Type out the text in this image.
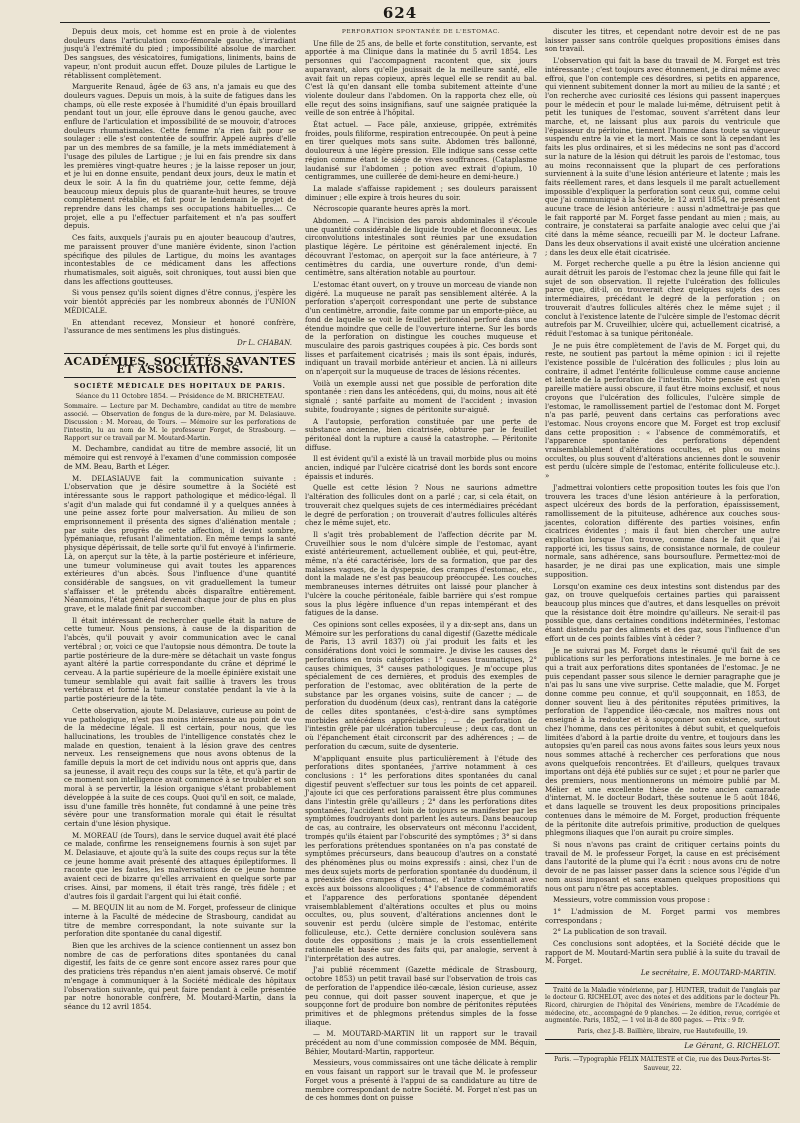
624

Depuis deux mois, cet homme est en proie à de violentes douleurs dans l'articulation coxo-fémorale gauche, s'irradiant jusqu'à l'extrémité du pied ; impossibilité absolue de marcher. Des sangsues, des vésicatoires, fumigations, liniments, bains de vapeur, n'ont produit aucun effet. Douze pilules de Lartigue le rétablissent complètement.

Marguerite Renaud, âgée de 63 ans, n'a jamais eu que des douleurs vagues. Depuis un mois, à la suite de fatigues dans les champs, où elle reste exposée à l'humidité d'un épais brouillard pendant tout un jour, elle éprouve dans le genou gauche, avec enflure de l'articulation et impossibilité de se mouvoir, d'atroces douleurs rhumatismales. Cette femme n'a rien fait pour se soulager : elle s'est contentée de souffrir. Appelé auprès d'elle par un des membres de sa famille, je la mets immédiatement à l'usage des pilules de Lartigue ; je lui en fais prendre six dans les premières vingt-quatre heures ; je la laisse reposer un jour, et je lui en donne ensuite, pendant deux jours, deux le matin et deux le soir. A la fin du quatrième jour, cette femme, déjà beaucoup mieux depuis plus de quarante-huit heures, se trouve complètement rétablie, et fait pour le lendemain le projet de reprendre dans les champs ses occupations habituelles.... Ce projet, elle a pu l'effectuer parfaitement et n'a pas souffert depuis.

Ces faits, auxquels j'aurais pu en ajouter beaucoup d'autres, me paraissent prouver d'une manière évidente, sinon l'action spécifique des pilules de Lartigue, du moins les avantages incontestables de ce médicament dans les affections rhumatismales, soit aiguës, soit chroniques, tout aussi bien que dans les affections goutteuses.

Si vous pensez qu'ils soient dignes d'être connus, j'espère les voir bientôt appréciés par les nombreux abonnés de l'UNION MÉDICALE.

En attendant recevez, Monsieur et honoré confrère, l'assurance de mes sentimens les plus distingués.

Dr L. CHABAN.

ACADÉMIES, SOCIÉTÉS SAVANTES ET ASSOCIATIONS.

SOCIÉTÉ MÉDICALE DES HOPITAUX DE PARIS.

Séance du 11 Octobre 1854. — Présidence de M. BRICHETEAU.

Sommaire. — Lecture par M. Dechambre, candidat au titre de membre associé. — Observation de fongus de la dure-mère, par M. Delasiauve. Discussion : M. Moreau, de Tours. — Mémoire sur les perforations de l'intestin, lu au nom de M. le professeur Forget, de Strasbourg. — Rapport sur ce travail par M. Moutard-Martin.

M. Dechambre, candidat au titre de membre associé, lit un mémoire qui est renvoyé à l'examen d'une commission composée de MM. Beau, Barth et Léger.

M. DELASIAUVE fait la communication suivante : L'observation que je désire soumettre à la Société est intéressante sous le rapport pathologique et médico-légal. Il s'agit d'un malade qui fut condamné il y a quelques années à une peine assez forte pour malversation. Au milieu de son emprisonnement il présenta des signes d'aliénation mentale ; par suite des progrès de cette affection, il devint sombre, lypémaniaque, refusant l'alimentation. En même temps la santé physique dépérissait, de telle sorte qu'il fut envoyé à l'infirmerie. Là, on aperçut sur la tête, à la partie postérieure et inférieure, une tumeur volumineuse qui avait toutes les apparences extérieures d'un abcès. Sous l'influence d'une quantité considérable de sangsues, on vit graduellement la tumeur s'affaisser et le prétendu abcès disparaître entièrement. Néanmoins, l'état général devenait chaque jour de plus en plus grave, et le malade finit par succomber.

Il était intéressant de rechercher quelle était la nature de cette tumeur. Nous pensions, à cause de la disparition de l'abcès, qu'il pouvait y avoir communication avec le canal vertébral ; or, voici ce que l'autopsie nous démontra. De toute la partie postérieure de la dure-mère se détachait un vaste fongus ayant altéré la partie correspondante du crâne et déprimé le cerveau. A la partie supérieure de la moelle épinière existait une tumeur semblable qui avait fait saillie à travers les trous vertébraux et formé la tumeur constatée pendant la vie à la partie postérieure de la tête.

Cette observation, ajoute M. Delasiauve, curieuse au point de vue pathologique, n'est pas moins intéressante au point de vue de la médecine légale. Il est certain, pour nous, que les hallucinations, les troubles de l'intelligence constatés chez le malade en question, tenaient à la lésion grave des centres nerveux. Les renseignemens que nous avons obtenus de la famille depuis la mort de cet individu nous ont appris que, dans sa jeunesse, il avait reçu des coups sur la tête, et qu'à partir de ce moment son intelligence avait commencé à se troubler et son moral à se pervertir, la lésion organique s'étant probablement développée à la suite de ces coups. Quoi qu'il en soit, ce malade, issu d'une famille très honnête, fut condamné à une peine très sévère pour une transformation morale qui était le résultat certain d'une lésion physique.

M. MOREAU (de Tours), dans le service duquel avait été placé ce malade, confirme les renseignemens fournis à son sujet par M. Delasiauve, et ajoute qu'à la suite des coups reçus sur la tête ce jeune homme avait présenté des attaques épileptiformes. Il raconte que les fautes, les malversations de ce jeune homme avaient ceci de bizarre qu'elles arrivaient en quelque sorte par crises. Ainsi, par momens, il était très rangé, très fidèle ; et d'autres fois il gardait l'argent qui lui était confié.

— M. BEQUIN lit au nom de M. Forget, professeur de clinique interne à la Faculté de médecine de Strasbourg, candidat au titre de membre correspondant, la note suivante sur la perforation dite spontanée du canal digestif.

Bien que les archives de la science contiennent un assez bon nombre de cas de perforations dites spontanées du canal digestif, les faits de ce genre sont encore assez rares pour que des praticiens très répandus n'en aient jamais observé. Ce motif m'engage à communiquer à la Société médicale des hôpitaux l'observation suivante, qui peut faire pendant à celle présentée par notre honorable confrère, M. Moutard-Martin, dans la séance du 12 avril 1854.

PERFORATION SPONTANÉE DE L'ESTOMAC.

Une fille de 25 ans, de belle et forte constitution, servante, est apportée à ma Clinique dans la matinée du 5 avril 1854. Les personnes qui l'accompagnent racontent que, six jours auparavant, alors qu'elle jouissait de la meilleure santé, elle avait fait un repas copieux, après lequel elle se rendit au bal. C'est là qu'en dansant elle tomba subitement atteinte d'une violente douleur dans l'abdomen. On la rapporta chez elle, où elle reçut des soins insignifians, sauf une saignée pratiquée la veille de son entrée à l'hôpital.

État actuel. — Face pâle, anxieuse, grippée, extrémités froides, pouls filiforme, respiration entrecoupée. On peut à peine en tirer quelques mots sans suite. Abdomen très ballonné, douloureux à une légère pression. Elle indique sans cesse cette région comme étant le siége de vives souffrances. (Cataplasme laudanisé sur l'abdomen ; potion avec extrait d'opium, 10 centigrammes, une cuillerée de demi-heure en demi-heure.)

La malade s'affaisse rapidement ; ses douleurs paraissent diminuer ; elle expire à trois heures du soir.

Nécroscopie quarante heures après la mort.

Abdomen. — A l'incision des parois abdominales il s'écoule une quantité considérable de liquide trouble et floconneux. Les circonvolutions intestinales sont réunies par une exsudation plastique légère. Le péritoine est généralement injecté. En découvrant l'estomac, on aperçoit sur la face antérieure, à 7 centimètres du cardia, une ouverture ronde, d'un demi-centimètre, sans altération notable au pourtour.

L'estomac étant ouvert, on y trouve un morceau de viande non digéré. La muqueuse ne paraît pas sensiblement altérée. A la perforation s'aperçoit correspondant une perte de substance d'un centimètre, arrondie, faite comme par un emporte-pièce, au fond de laquelle se voit le feuillet péritonéal perforé dans une étendue moindre que celle de l'ouverture interne. Sur les bords de la perforation on distingue les couches muqueuse et musculaire des parois gastriques coupées à pic. Ces bords sont lisses et parfaitement cicatrisés ; mais ils sont épais, indurés, indiquant un travail morbide antérieur et ancien. Là ni ailleurs on n'aperçoit sur la muqueuse de traces de lésions récentes.

Voilà un exemple aussi net que possible de perforation dite spontanée : rien dans les antécédens, qui, du moins, nous ait été signalé ; santé parfaite au moment de l'accident ; invasion subite, foudroyante ; signes de péritonite sur-aiguë.

A l'autopsie, perforation constituée par une perte de substance ancienne, bien cicatrisée, obturée par le feuillet péritonéal dont la rupture a causé la catastrophe. — Péritonite diffuse.

Il est évident qu'il a existé là un travail morbide plus ou moins ancien, indiqué par l'ulcère cicatrisé dont les bords sont encore épaissis et indurés.

Quelle est cette lésion ? Nous ne saurions admettre l'altération des follicules dont on a parlé ; car, si cela était, on trouverait chez quelques sujets de ces intermédiaires précédant le degré de perforation ; on trouverait d'autres follicules altérés chez le même sujet, etc.

Il s'agit très probablement de l'affection décrite par M. Cruveilhier sous le nom d'ulcère simple de l'estomac, ayant existé antérieurement, actuellement oubliée, et qui, peut-être, même, n'a été caractérisée, lors de sa formation, que par des malaises vagues, de la dyspepsie, des crampes d'estomac, etc., dont la malade ne s'est pas beaucoup préoccupée. Les couches membraneuses internes détruites ont laissé pour plancher à l'ulcère la couche péritonéale, faible barrière qui s'est rompue sous la plus légère influence d'un repas intempérant et des fatigues de la danse.

Ces opinions sont celles exposées, il y a dix-sept ans, dans un Mémoire sur les perforations du canal digestif (Gazette médicale de Paris, 13 avril 1837) où j'ai produit les faits et les considérations dont voici le sommaire. Je divise les causes des perforations en trois catégories : 1° causes traumatiques, 2° causes chimiques, 3° causes pathologiques. Je m'occupe plus spécialement de ces dernières, et produis des exemples de perforation de l'estomac, avec oblitération de la perte de substance par les organes voisins, suite de cancer ; — de perforation du duodénum (deux cas), rentrant dans la catégorie de celles dites spontanées, c'est-à-dire sans symptômes morbides antécédens appréciables ; — de perforation de l'intestin grêle par ulcération tuberculeuse ; deux cas, dont un où l'épanchement était circonscrit par des adhérences ; — de perforation du cæcum, suite de dysenterie.

M'appliquant ensuite plus particulièrement à l'étude des perforations dites spontanées, j'arrive notamment à ces conclusions : 1° les perforations dites spontanées du canal digestif peuvent s'effectuer sur tous les points de cet appareil. J'ajoute ici que ces perforations paraissent être plus communes dans l'intestin grêle qu'ailleurs ; 2° dans les perforations dites spontanées, l'accident est loin de toujours se manifester par les symptômes foudroyants dont parlent les auteurs. Dans beaucoup de cas, au contraire, les observateurs ont méconnu l'accident, trompés qu'ils étaient par l'obscurité des symptômes ; 3° si dans les perforations prétendues spontanées on n'a pas constaté de symptômes précurseurs, dans beaucoup d'autres on a constaté des phénomènes plus ou moins expressifs : ainsi, chez l'un de mes deux sujets morts de perforation spontanée du duodénum, il a préexisté des crampes d'estomac, et l'autre s'adonnait avec excès aux boissons alcooliques ; 4° l'absence de commémoratifs et l'apparence des perforations spontanée dépendent vraisemblablement d'altérations occultes et plus ou moins occultes, ou, plus souvent, d'altérations anciennes dont le souvenir est perdu (ulcère simple de l'estomac, entérite folliculeuse, etc.). Cette dernière conclusion soulèvera sans doute des oppositions ; mais je la crois essentiellement rationnelle et basée sur des faits qui, par analogie, servent à l'interprétation des autres.

J'ai publié récemment (Gazette médicale de Strasbourg, octobre 1853) un petit travail basé sur l'observation de trois cas de perforation de l'appendice iléo-cæcale, lésion curieuse, assez peu connue, qui doit passer souvent inaperçue, et que je soupçonne fort de produire bon nombre de péritonites réputées primitives et de phlegmons prétendus simples de la fosse iliaque.

— M. MOUTARD-MARTIN lit un rapport sur le travail précédent au nom d'une commission composée de MM. Béquin, Béhier, Moutard-Martin, rapporteur.

Messieurs, vous commissaires ont une tâche délicate à remplir en vous faisant un rapport sur le travail que M. le professeur Forget vous a présenté à l'appui de sa candidature au titre de membre correspondant de notre Société. M. Forget n'est pas un de ces hommes dont on puisse

discuter les titres, et cependant notre devoir est de ne pas laisser passer sans contrôle quelques propositions émises dans son travail.

L'observation qui fait la base du travail de M. Forget est très intéressante ; c'est toujours avec étonnement, je dirai même avec effroi, que l'on contemple ces désordres, si petits en apparence, qui viennent subitement donner la mort au milieu de la santé ; et l'on recherche avec curiosité ces lésions qui passent inaperçues pour le médecin et pour le malade lui-même, détruisent petit à petit les tuniques de l'estomac, souvent s'arrêtent dans leur marche, et, ne laissant plus aux parois du ventricule que l'épaisseur du péritoine, tiennent l'homme dans toute sa vigueur suspendu entre la vie et la mort. Mais ce sont là cependant les faits les plus ordinaires, et si les médecins ne sont pas d'accord sur la nature de la lésion qui détruit les parois de l'estomac, tous au moins reconnaissent que la plupart de ces perforations surviennent à la suite d'une lésion antérieure et latente ; mais les faits réellement rares, et dans lesquels il me paraît actuellement impossible d'expliquer la perforation sont ceux qui, comme celui que j'ai communiqué à la Société, le 12 avril 1854, ne présentent aucune trace de lésion antérieure : aussi n'admettrai-je pas que le fait rapporté par M. Forget fasse pendant au mien ; mais, au contraire, je constaterai sa parfaite analogie avec celui que j'ai cité dans la même séance, recueilli par M. le docteur Lafrane. Dans les deux observations il avait existé une ulcération ancienne ; dans les deux elle était cicatrisée.

M. Forget recherche quelle a pu être la lésion ancienne qui aurait détruit les parois de l'estomac chez la jeune fille qui fait le sujet de son observation. Il rejette l'ulcération des follicules parce que, dit-il, on trouverait chez quelques sujets des ces intermédiaires, précédant le degré de la perforation ; on trouverait d'autres follicules altérés chez le même sujet ; il conclut à l'existence latente de l'ulcère simple de l'estomac décrit autrefois par M. Cruveilhier, ulcère qui, actuellement cicatrisé, a réduit l'estomac à sa tunique péritonéale.

Je ne puis être complètement de l'avis de M. Forget qui, du reste, ne soutient pas partout la même opinion : ici il rejette l'existence possible de l'ulcération des follicules ; plus loin au contraire, il admet l'entérite folliculeuse comme cause ancienne et latente de la perforation de l'intestin. Notre pensée est qu'en pareille matière aussi obscure, il faut être moins exclusif, et nous croyons que l'ulcération des follicules, l'ulcère simple de l'estomac, le ramollissement partiel de l'estomac dont M. Forget n'a pas parlé, peuvent dans certains cas perforations avec l'estomac. Nous croyons encore que M. Forget est trop exclusif dans cette proposition : « l'absence de commémoratifs, et l'apparence spontanée des perforations dépendent vraisemblablement d'altérations occultes, et plus ou moins occultes, ou plus souvent d'altérations anciennes dont le souvenir est perdu (ulcère simple de l'estomac, entérite folliculeuse etc.). »

J'admettrai volontiers cette proposition toutes les fois que l'on trouvera les traces d'une lésion antérieure à la perforation, aspect ulcéreux des bords de la perforation, épaississement, ramollissement de la pituiteuse, adhérence aux couches sous-jacentes, coloration différente des parties voisines, enfin cicatrices évidentes ; mais il faut bien chercher une autre explication lorsque l'on trouve, comme dans le fait que j'ai rapporté ici, les tissus sains, de consistance normale, de couleur normale, sans adhérence, sans boursouflure. Permettez-moi de hasarder, je ne dirai pas une explication, mais une simple supposition.

Lorsqu'on examine ces deux intestins sont distendus par des gaz, on trouve quelquefois certaines parties qui paraissent beaucoup plus minces que d'autres, et dans lesquelles on prévoit que la résistance doit être moindre qu'ailleurs. Ne serait-il pas possible que, dans certaines conditions indéterminées, l'estomac étant distendu par des aliments et des gaz, sous l'influence d'un effort un de ces points faibles vînt à céder ?

Je ne suivrai pas M. Forget dans le résumé qu'il fait de ses publications sur les perforations intestinales. Je me borne à ce qui a trait aux perforations dites spontanées de l'estomac. Je ne puis cependant passer sous silence le dernier paragraphe que je n'ai pas lu sans une vive surprise. Cette maladie, que M. Forget donne comme peu connue, et qu'il soupçonnait, en 1853, de donner souvent lieu à des péritonites réputées primitives, la perforation de l'appendice iléo-cæcale, nos maîtres nous ont enseigné à la redouter et à soupçonner son existence, surtout chez l'homme, dans ces péritonites à début subit, et quelquefois limitées d'abord à la partie droite du ventre, et toujours dans les autopsies qu'en pareil cas nous avons faites sous leurs yeux nous nous sommes attaché à rechercher ces perforations que nous avons quelquefois rencontrées. Et d'ailleurs, quelques travaux importans ont déjà été publiés sur ce sujet ; et pour ne parler que des premiers, nous mentionnerons un mémoire publié par M. Mélier et une excellente thèse de notre ancien camarade d'internat, M. le docteur Bodart, thèse soutenue le 5 août 1846, et dans laquelle se trouvent les deux propositions principales contenues dans le mémoire de M. Forget, production fréquente de la péritonite dite autrefois primitive, production de quelques phlegmons iliaques que l'on aurait pu croire simples.

Si nous n'avons pas craint de critiquer certains points du travail de M. le professeur Forget, la cause en est précisément dans l'autorité de la plume qui l'a écrit : nous avons cru de notre devoir de ne pas laisser passer dans la science sous l'égide d'un nom aussi imposant et sans examen quelques propositions qui nous ont paru n'être pas acceptables.

Messieurs, votre commission vous propose :

1° L'admission de M. Forget parmi vos membres correspondans ;

2° La publication de son travail.

Ces conclusions sont adoptées, et la Société décide que le rapport de M. Moutard-Martin sera publié à la suite du travail de M. Forget.

Le secrétaire, E. MOUTARD-MARTIN.

Traité de la Maladie vénérienne, par J. HUNTER, traduit de l'anglais par le docteur G. RICHELOT, avec des notes et des additions par le docteur Ph. Ricord, chirurgien de l'hôpital des Vénériens, membre de l'Académie de médecine, etc., accompagné de 9 planches. — 2e édition, revue, corrigée et augmentée. Paris, 1852, — 1 vol in-8 de 800 pages. — Prix : 9 fr.

Paris, chez J.-B. Baillière, libraire, rue Hautefeuille, 19.

Le Gérant, G. RICHELOT.

Paris. —Typographie FÉLIX MALTESTE et Cie, rue des Deux-Portes-St-Sauveur, 22.
